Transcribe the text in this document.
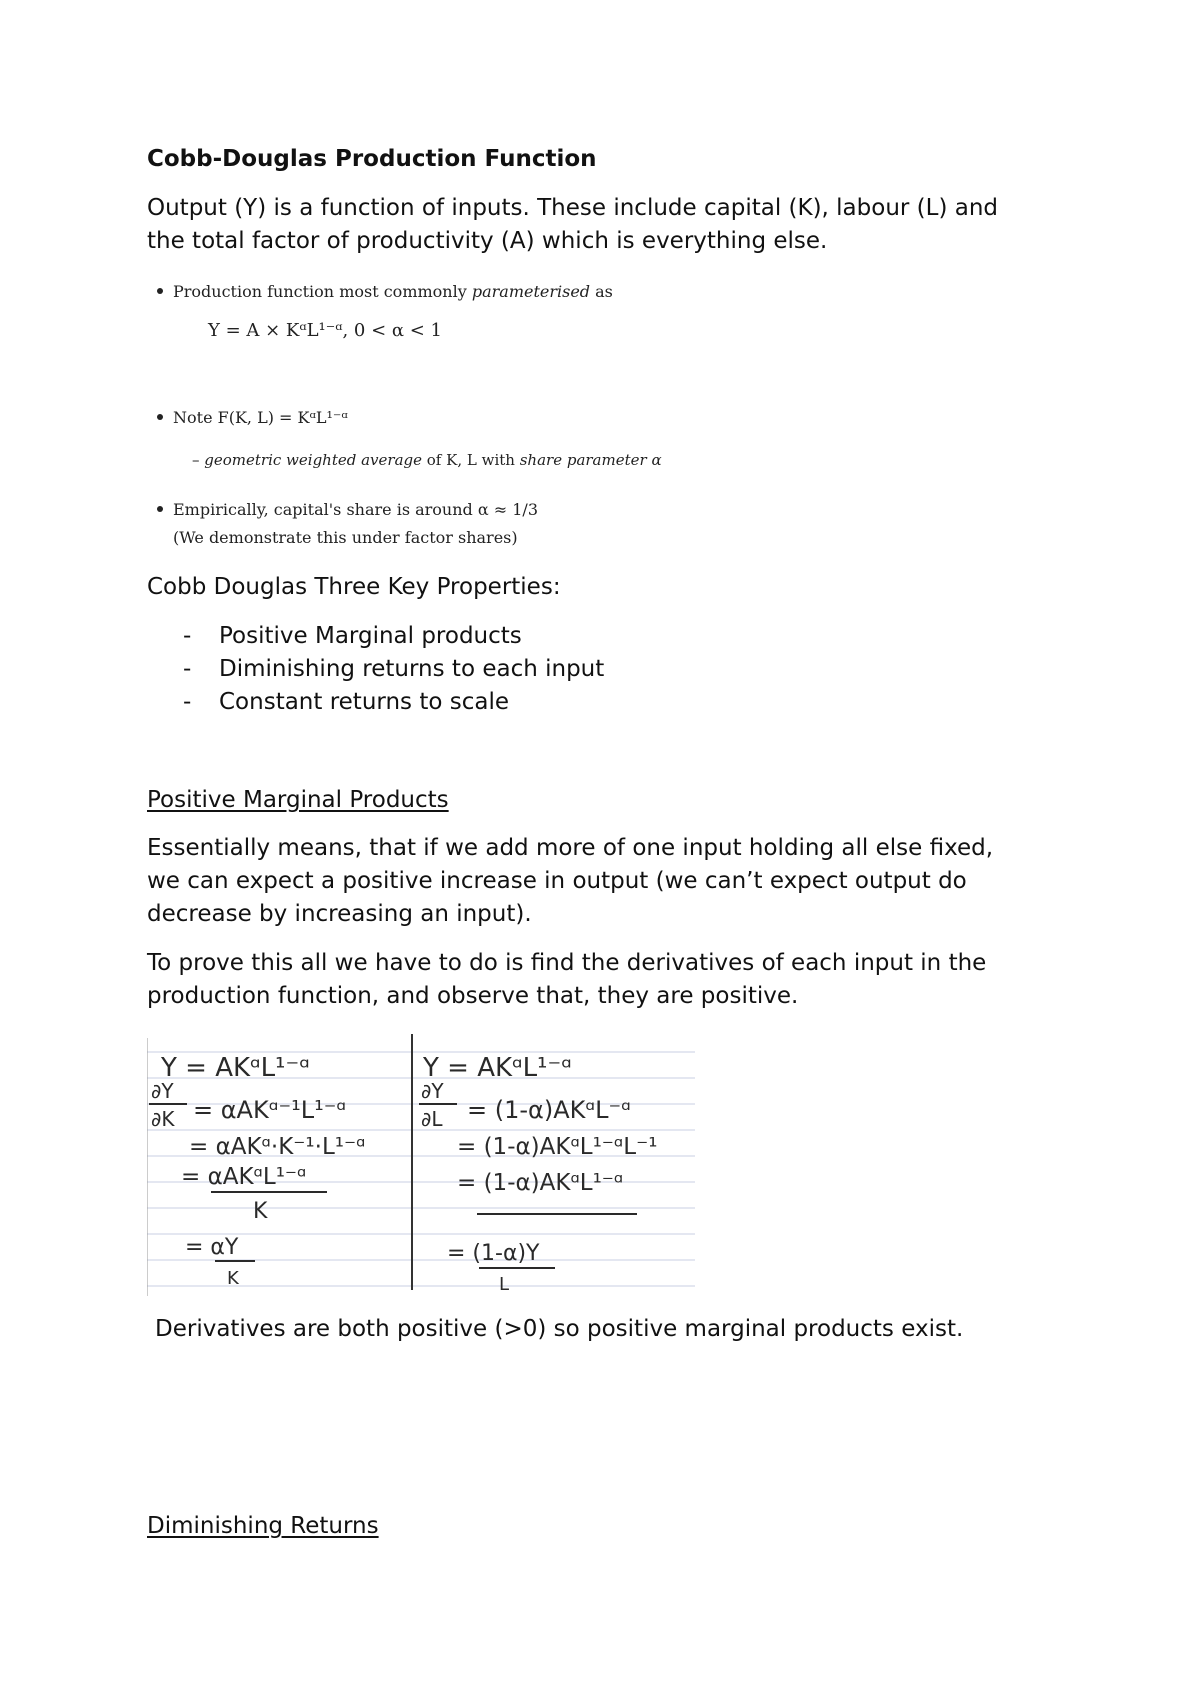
Cobb-Douglas Production Function

Output (Y) is a function of inputs. These include capital (K), labour (L) and

the total factor of productivity (A) which is everything else.

Production function most commonly parameterised as

Y = A × KᵅL¹⁻ᵅ, 0 < α < 1

Note F(K, L) = KᵅL¹⁻ᵅ

– geometric weighted average of K, L with share parameter α

Empirically, capital's share is around α ≈ 1/3

(We demonstrate this under factor shares)

Cobb Douglas Three Key Properties:

- Positive Marginal products
- Diminishing returns to each input
- Constant returns to scale

Positive Marginal Products

Essentially means, that if we add more of one input holding all else fixed,

we can expect a positive increase in output (we can’t expect output do

decrease by increasing an input).

To prove this all we have to do is find the derivatives of each input in the

production function, and observe that, they are positive.

Y = AKᵅL¹⁻ᵅ
∂Y
∂K = αAKᵅ⁻¹L¹⁻ᵅ
= αAKᵅ·K⁻¹·L¹⁻ᵅ
= αAKᵅL¹⁻ᵅ
K
= αY
K
Y = AKᵅL¹⁻ᵅ
∂Y
∂L = (1-α)AKᵅL⁻ᵅ
= (1-α)AKᵅL¹⁻ᵅL⁻¹
= (1-α)AKᵅL¹⁻ᵅ
= (1-α)Y
L

Derivatives are both positive (>0) so positive marginal products exist.

Diminishing Returns
